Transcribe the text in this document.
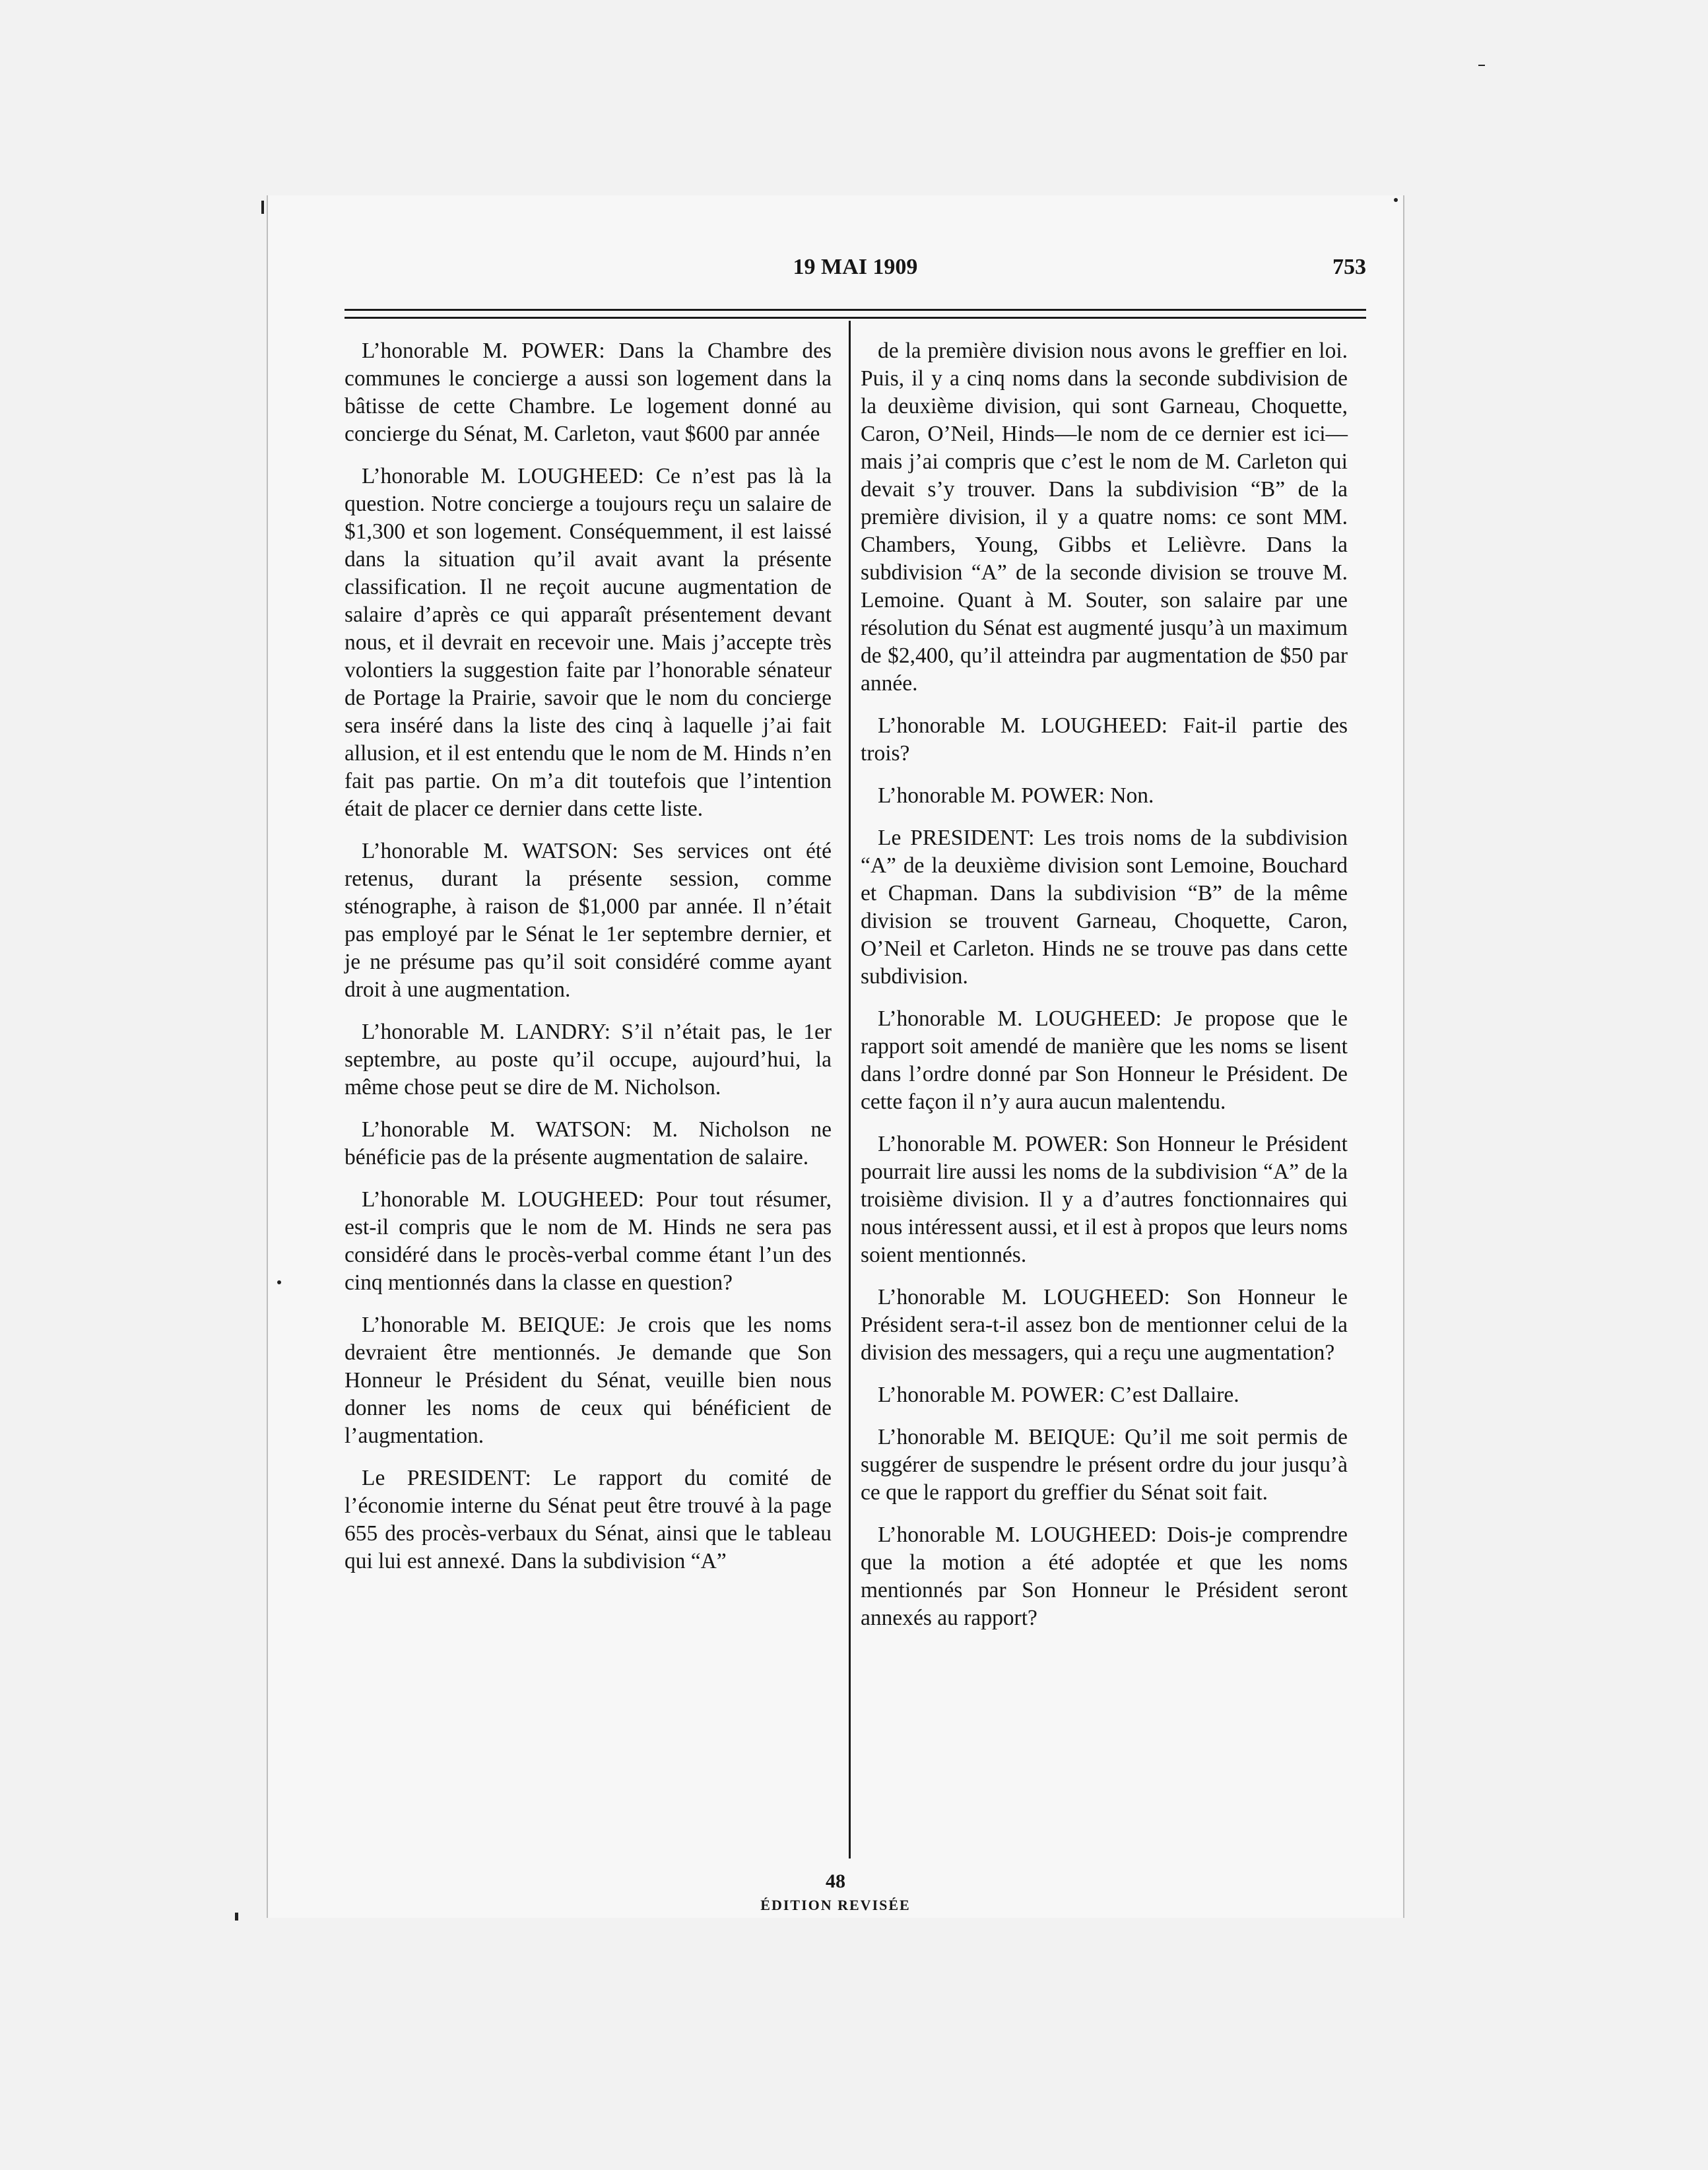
19 MAI 1909	753

L’honorable M. POWER: Dans la Chambre des communes le concierge a aussi son logement dans la bâtisse de cette Chambre. Le logement donné au concierge du Sénat, M. Carleton, vaut $600 par année

L’honorable M. LOUGHEED: Ce n’est pas là la question. Notre concierge a toujours reçu un salaire de $1,300 et son logement. Conséquemment, il est laissé dans la situation qu’il avait avant la présente classification. Il ne reçoit aucune augmentation de salaire d’après ce qui apparaît présentement devant nous, et il devrait en recevoir une. Mais j’accepte très volontiers la suggestion faite par l’honorable sénateur de Portage la Prairie, savoir que le nom du concierge sera inséré dans la liste des cinq à laquelle j’ai fait allusion, et il est entendu que le nom de M. Hinds n’en fait pas partie. On m’a dit toutefois que l’intention était de placer ce dernier dans cette liste.

L’honorable M. WATSON: Ses services ont été retenus, durant la présente session, comme sténographe, à raison de $1,000 par année. Il n’était pas employé par le Sénat le 1er septembre dernier, et je ne présume pas qu’il soit considéré comme ayant droit à une augmentation.

L’honorable M. LANDRY: S’il n’était pas, le 1er septembre, au poste qu’il occupe, aujourd’hui, la même chose peut se dire de M. Nicholson.

L’honorable M. WATSON: M. Nicholson ne bénéficie pas de la présente augmentation de salaire.

L’honorable M. LOUGHEED: Pour tout résumer, est-il compris que le nom de M. Hinds ne sera pas considéré dans le procès-verbal comme étant l’un des cinq mentionnés dans la classe en question?

L’honorable M. BEIQUE: Je crois que les noms devraient être mentionnés. Je demande que Son Honneur le Président du Sénat, veuille bien nous donner les noms de ceux qui bénéficient de l’augmentation.

Le PRESIDENT: Le rapport du comité de l’économie interne du Sénat peut être trouvé à la page 655 des procès-verbaux du Sénat, ainsi que le tableau qui lui est annexé. Dans la subdivision “A”

de la première division nous avons le greffier en loi. Puis, il y a cinq noms dans la seconde subdivision de la deuxième division, qui sont Garneau, Choquette, Caron, O’Neil, Hinds—le nom de ce dernier est ici—mais j’ai compris que c’est le nom de M. Carleton qui devait s’y trouver. Dans la subdivision “B” de la première division, il y a quatre noms: ce sont MM. Chambers, Young, Gibbs et Lelièvre. Dans la subdivision “A” de la seconde division se trouve M. Lemoine. Quant à M. Souter, son salaire par une résolution du Sénat est augmenté jusqu’à un maximum de $2,400, qu’il atteindra par augmentation de $50 par année.

L’honorable M. LOUGHEED: Fait-il partie des trois?

L’honorable M. POWER: Non.

Le PRESIDENT: Les trois noms de la subdivision “A” de la deuxième division sont Lemoine, Bouchard et Chapman. Dans la subdivision “B” de la même division se trouvent Garneau, Choquette, Caron, O’Neil et Carleton. Hinds ne se trouve pas dans cette subdivision.

L’honorable M. LOUGHEED: Je propose que le rapport soit amendé de manière que les noms se lisent dans l’ordre donné par Son Honneur le Président. De cette façon il n’y aura aucun malentendu.

L’honorable M. POWER: Son Honneur le Président pourrait lire aussi les noms de la subdivision “A” de la troisième division. Il y a d’autres fonctionnaires qui nous intéressent aussi, et il est à propos que leurs noms soient mentionnés.

L’honorable M. LOUGHEED: Son Honneur le Président sera-t-il assez bon de mentionner celui de la division des messagers, qui a reçu une augmentation?

L’honorable M. POWER: C’est Dallaire.

L’honorable M. BEIQUE: Qu’il me soit permis de suggérer de suspendre le présent ordre du jour jusqu’à ce que le rapport du greffier du Sénat soit fait.

L’honorable M. LOUGHEED: Dois-je comprendre que la motion a été adoptée et que les noms mentionnés par Son Honneur le Président seront annexés au rapport?

48
ÉDITION REVISÉE
